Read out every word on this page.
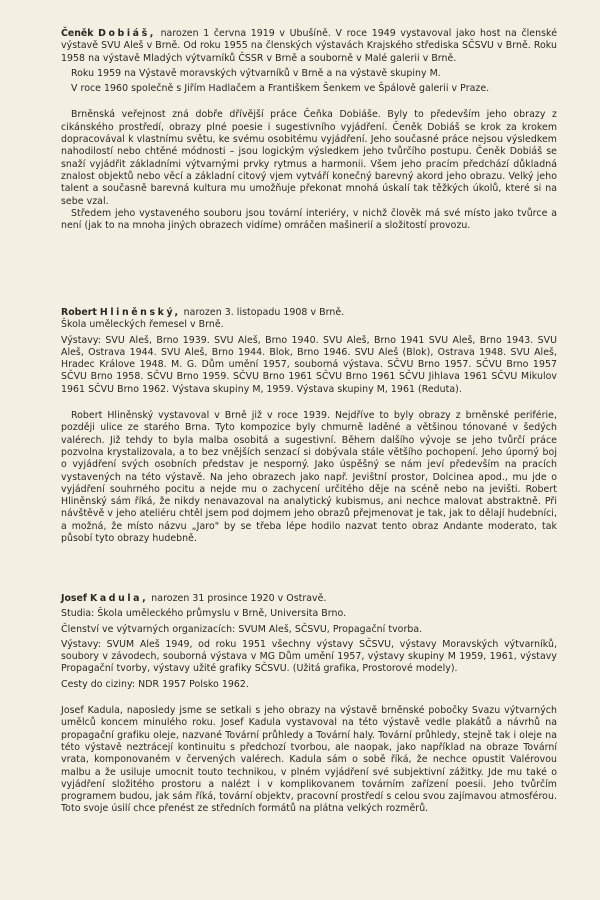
Čeněk Dobiáš, narozen 1 června 1919 v Ubušíně. V roce 1949 vystavoval jako host na členské výstavě SVU Aleš v Brně. Od roku 1955 na členských výstavách Krajského střediska SČSVU v Brně. Roku 1958 na výstavě Mladých výtvarníků ČSSR v Brně a souborně v Malé galerii v Brně.

Roku 1959 na Výstavě moravských výtvarníků v Brně a na výstavě skupiny M.

V roce 1960 společně s Jiřím Hadlačem a Františkem Šenkem ve Špálově galerii v Praze.

Brněnská veřejnost zná dobře dřívější práce Čeňka Dobiáše. Byly to především jeho obrazy z cikánského prostředí, obrazy plné poesie i sugestivního vyjádření. Čeněk Dobiáš se krok za krokem dopracovával k vlastnímu světu, ke svému osobitému vyjádření. Jeho současné práce nejsou výsledkem nahodilostí nebo chtěné módnosti – jsou logickým výsledkem jeho tvůrčího postupu. Čeněk Dobiáš se snaží vyjádřit základními výtvarnými prvky rytmus a harmonii. Všem jeho pracím předchází důkladná znalost objektů nebo věcí a základní citový vjem vytváří konečný barevný akord jeho obrazu. Velký jeho talent a současně barevná kultura mu umožňuje překonat mnohá úskalí tak těžkých úkolů, které si na sebe vzal.

Středem jeho vystaveného souboru jsou tovární interiéry, v nichž člověk má své místo jako tvůrce a není (jak to na mnoha jiných obrazech vidíme) omráčen mašinerií a složitostí provozu.

Robert Hliněnský, narozen 3. listopadu 1908 v Brně.

Škola uměleckých řemesel v Brně.

Výstavy: SVU Aleš, Brno 1939. SVU Aleš, Brno 1940. SVU Aleš, Brno 1941 SVU Aleš, Brno 1943. SVU Aleš, Ostrava 1944. SVU Aleš, Brno 1944. Blok, Brno 1946. SVU Aleš (Blok), Ostrava 1948. SVU Aleš, Hradec Králove 1948. M. G. Dům umění 1957, souborná výstava. SČVU Brno 1957. SČVU Brno 1957 SČVU Brno 1958. SČVU Brno 1959. SČVU Brno 1961 SČVU Brno 1961 SČVU Jihlava 1961 SČVU Mikulov 1961 SČVU Brno 1962. Výstava skupiny M, 1959. Výstava skupiny M, 1961 (Reduta).

Robert Hliněnský vystavoval v Brně již v roce 1939. Nejdříve to byly obrazy z brněnské periférie, později ulice ze starého Brna. Tyto kompozice byly chmurně laděné a většinou tónované v šedých valérech. Již tehdy to byla malba osobitá a sugestivní. Během dalšího vývoje se jeho tvůrčí práce pozvolna krystalizovala, a to bez vnějších senzací si dobývala stále většího pochopení. Jeho úporný boj o vyjádření svých osobních představ je nesporný. Jako úspěšný se nám jeví především na pracích vystavených na této výstavě. Na jeho obrazech jako např. Jevištní prostor, Dolcinea apod., mu jde o vyjádření souhrného pocitu a nejde mu o zachycení určitého děje na scéně nebo na jevišti. Robert Hliněnský sám říká, že nikdy nenavazoval na analytický kubismus, ani nechce malovat abstraktně. Při návštěvě v jeho ateliéru chtěl jsem pod dojmem jeho obrazů přejmenovat je tak, jak to dělají hudebníci, a možná, že místo názvu „Jaro" by se třeba lépe hodilo nazvat tento obraz Andante moderato, tak působí tyto obrazy hudebně.

Josef Kadula, narozen 31 prosince 1920 v Ostravě.

Studia: Škola uměleckého průmyslu v Brně, Universita Brno.

Členství ve výtvarných organizacích: SVUM Aleš, SČSVU, Propagační tvorba.

Výstavy: SVUM Aleš 1949, od roku 1951 všechny výstavy SČSVU, výstavy Moravských výtvarníků, soubory v závodech, souborná výstava v MG Dům umění 1957, výstavy skupiny M 1959, 1961, výstavy Propagační tvorby, výstavy užité grafiky SČSVU. (Užitá grafika, Prostorové modely).

Cesty do ciziny: NDR 1957 Polsko 1962.

Josef Kadula, naposledy jsme se setkali s jeho obrazy na výstavě brněnské pobočky Svazu výtvarných umělců koncem minulého roku. Josef Kadula vystavoval na této výstavě vedle plakátů a návrhů na propagační grafiku oleje, nazvané Tovární průhledy a Tovární haly. Tovární průhledy, stejně tak i oleje na této výstavě neztrácejí kontinuitu s předchozí tvorbou, ale naopak, jako například na obraze Tovární vrata, komponovaném v červených valérech. Kadula sám o sobě říká, že nechce opustit Valérovou malbu a že usiluje umocnit touto technikou, v plném vyjádření své subjektivní zážitky. Jde mu také o vyjádření složitého prostoru a nalézt i v komplikovanem továrním zařízení poesii. Jeho tvůrčím programem budou, jak sám říká, tovární objektv, pracovní prostředí s celou svou zajímavou atmosférou. Toto svoje úsilí chce přenést ze středních formátů na plátna velkých rozměrů.
